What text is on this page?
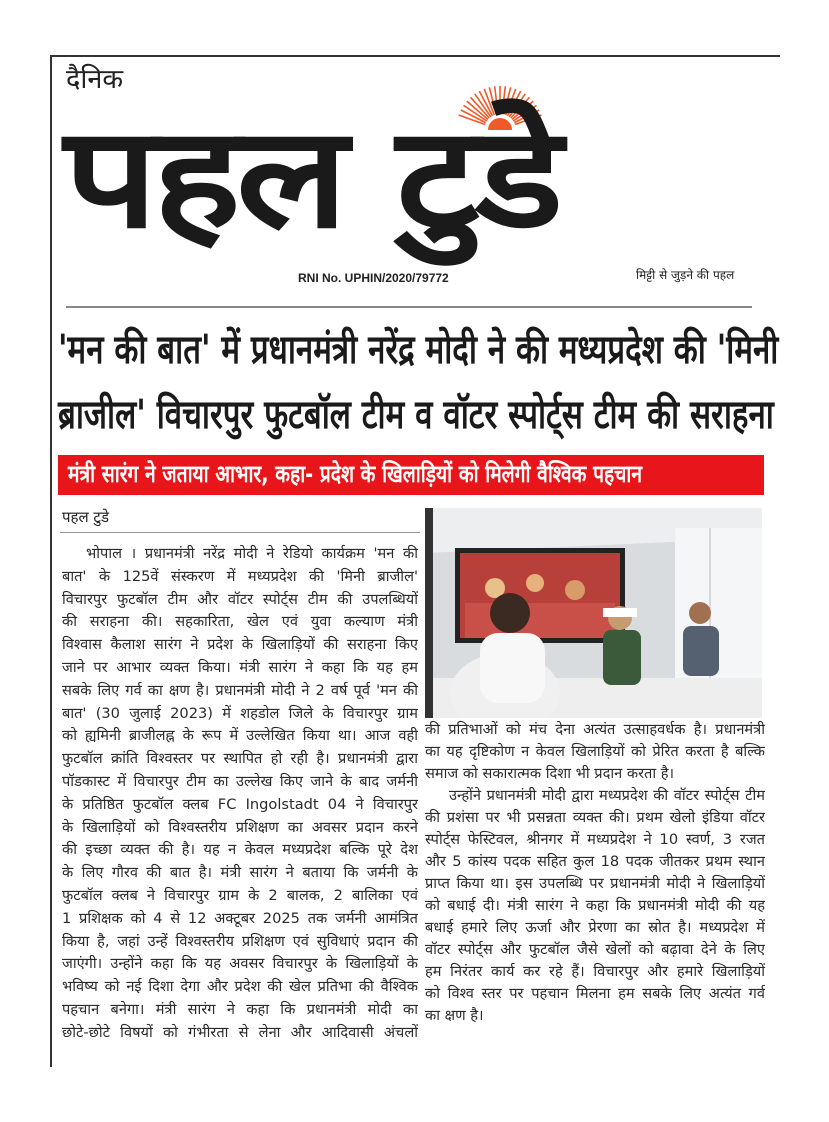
दैनिक
पहल टुडे
RNI No. UPHIN/2020/79772	मिट्टी से जुड़ने की पहल
'मन की बात' में प्रधानमंत्री नरेंद्र मोदी ने की मध्यप्रदेश की 'मिनी
ब्राजील' विचारपुर फुटबॉल टीम व वॉटर स्पोर्ट्स टीम की सराहना
मंत्री सारंग ने जताया आभार, कहा- प्रदेश के खिलाड़ियों को मिलेगी वैश्विक पहचान
पहल टुडे
भोपाल । प्रधानमंत्री नरेंद्र मोदी ने रेडियो कार्यक्रम 'मन की
बात' के 125वें संस्करण में मध्यप्रदेश की 'मिनी ब्राजील'
विचारपुर फुटबॉल टीम और वॉटर स्पोर्ट्स टीम की उपलब्धियों
की सराहना की। सहकारिता, खेल एवं युवा कल्याण मंत्री
विश्वास कैलाश सारंग ने प्रदेश के खिलाड़ियों की सराहना किए
जाने पर आभार व्यक्त किया। मंत्री सारंग ने कहा कि यह हम
सबके लिए गर्व का क्षण है। प्रधानमंत्री मोदी ने 2 वर्ष पूर्व 'मन की
बात' (30 जुलाई 2023) में शहडोल जिले के विचारपुर ग्राम
को ह्यमिनी ब्राजीलह्न के रूप में उल्लेखित किया था। आज वही
फुटबॉल क्रांति विश्वस्तर पर स्थापित हो रही है। प्रधानमंत्री द्वारा
पॉडकास्ट में विचारपुर टीम का उल्लेख किए जाने के बाद जर्मनी
के प्रतिष्ठित फुटबॉल क्लब FC Ingolstadt 04 ने विचारपुर
के खिलाड़ियों को विश्वस्तरीय प्रशिक्षण का अवसर प्रदान करने
की इच्छा व्यक्त की है। यह न केवल मध्यप्रदेश बल्कि पूरे देश
के लिए गौरव की बात है। मंत्री सारंग ने बताया कि जर्मनी के
फुटबॉल क्लब ने विचारपुर ग्राम के 2 बालक, 2 बालिका एवं
1 प्रशिक्षक को 4 से 12 अक्टूबर 2025 तक जर्मनी आमंत्रित
किया है, जहां उन्हें विश्वस्तरीय प्रशिक्षण एवं सुविधाएं प्रदान की
जाएंगी। उन्होंने कहा कि यह अवसर विचारपुर के खिलाड़ियों के
भविष्य को नई दिशा देगा और प्रदेश की खेल प्रतिभा की वैश्विक
पहचान बनेगा। मंत्री सारंग ने कहा कि प्रधानमंत्री मोदी का
छोटे-छोटे विषयों को गंभीरता से लेना और आदिवासी अंचलों
की प्रतिभाओं को मंच देना अत्यंत उत्साहवर्धक है। प्रधानमंत्री
का यह दृष्टिकोण न केवल खिलाड़ियों को प्रेरित करता है बल्कि
समाज को सकारात्मक दिशा भी प्रदान करता है।
उन्होंने प्रधानमंत्री मोदी द्वारा मध्यप्रदेश की वॉटर स्पोर्ट्स टीम
की प्रशंसा पर भी प्रसन्नता व्यक्त की। प्रथम खेलो इंडिया वॉटर
स्पोर्ट्स फेस्टिवल, श्रीनगर में मध्यप्रदेश ने 10 स्वर्ण, 3 रजत
और 5 कांस्य पदक सहित कुल 18 पदक जीतकर प्रथम स्थान
प्राप्त किया था। इस उपलब्धि पर प्रधानमंत्री मोदी ने खिलाड़ियों
को बधाई दी। मंत्री सारंग ने कहा कि प्रधानमंत्री मोदी की यह
बधाई हमारे लिए ऊर्जा और प्रेरणा का स्रोत है। मध्यप्रदेश में
वॉटर स्पोर्ट्स और फुटबॉल जैसे खेलों को बढ़ावा देने के लिए
हम निरंतर कार्य कर रहे हैं। विचारपुर और हमारे खिलाड़ियों
को विश्व स्तर पर पहचान मिलना हम सबके लिए अत्यंत गर्व
का क्षण है।
